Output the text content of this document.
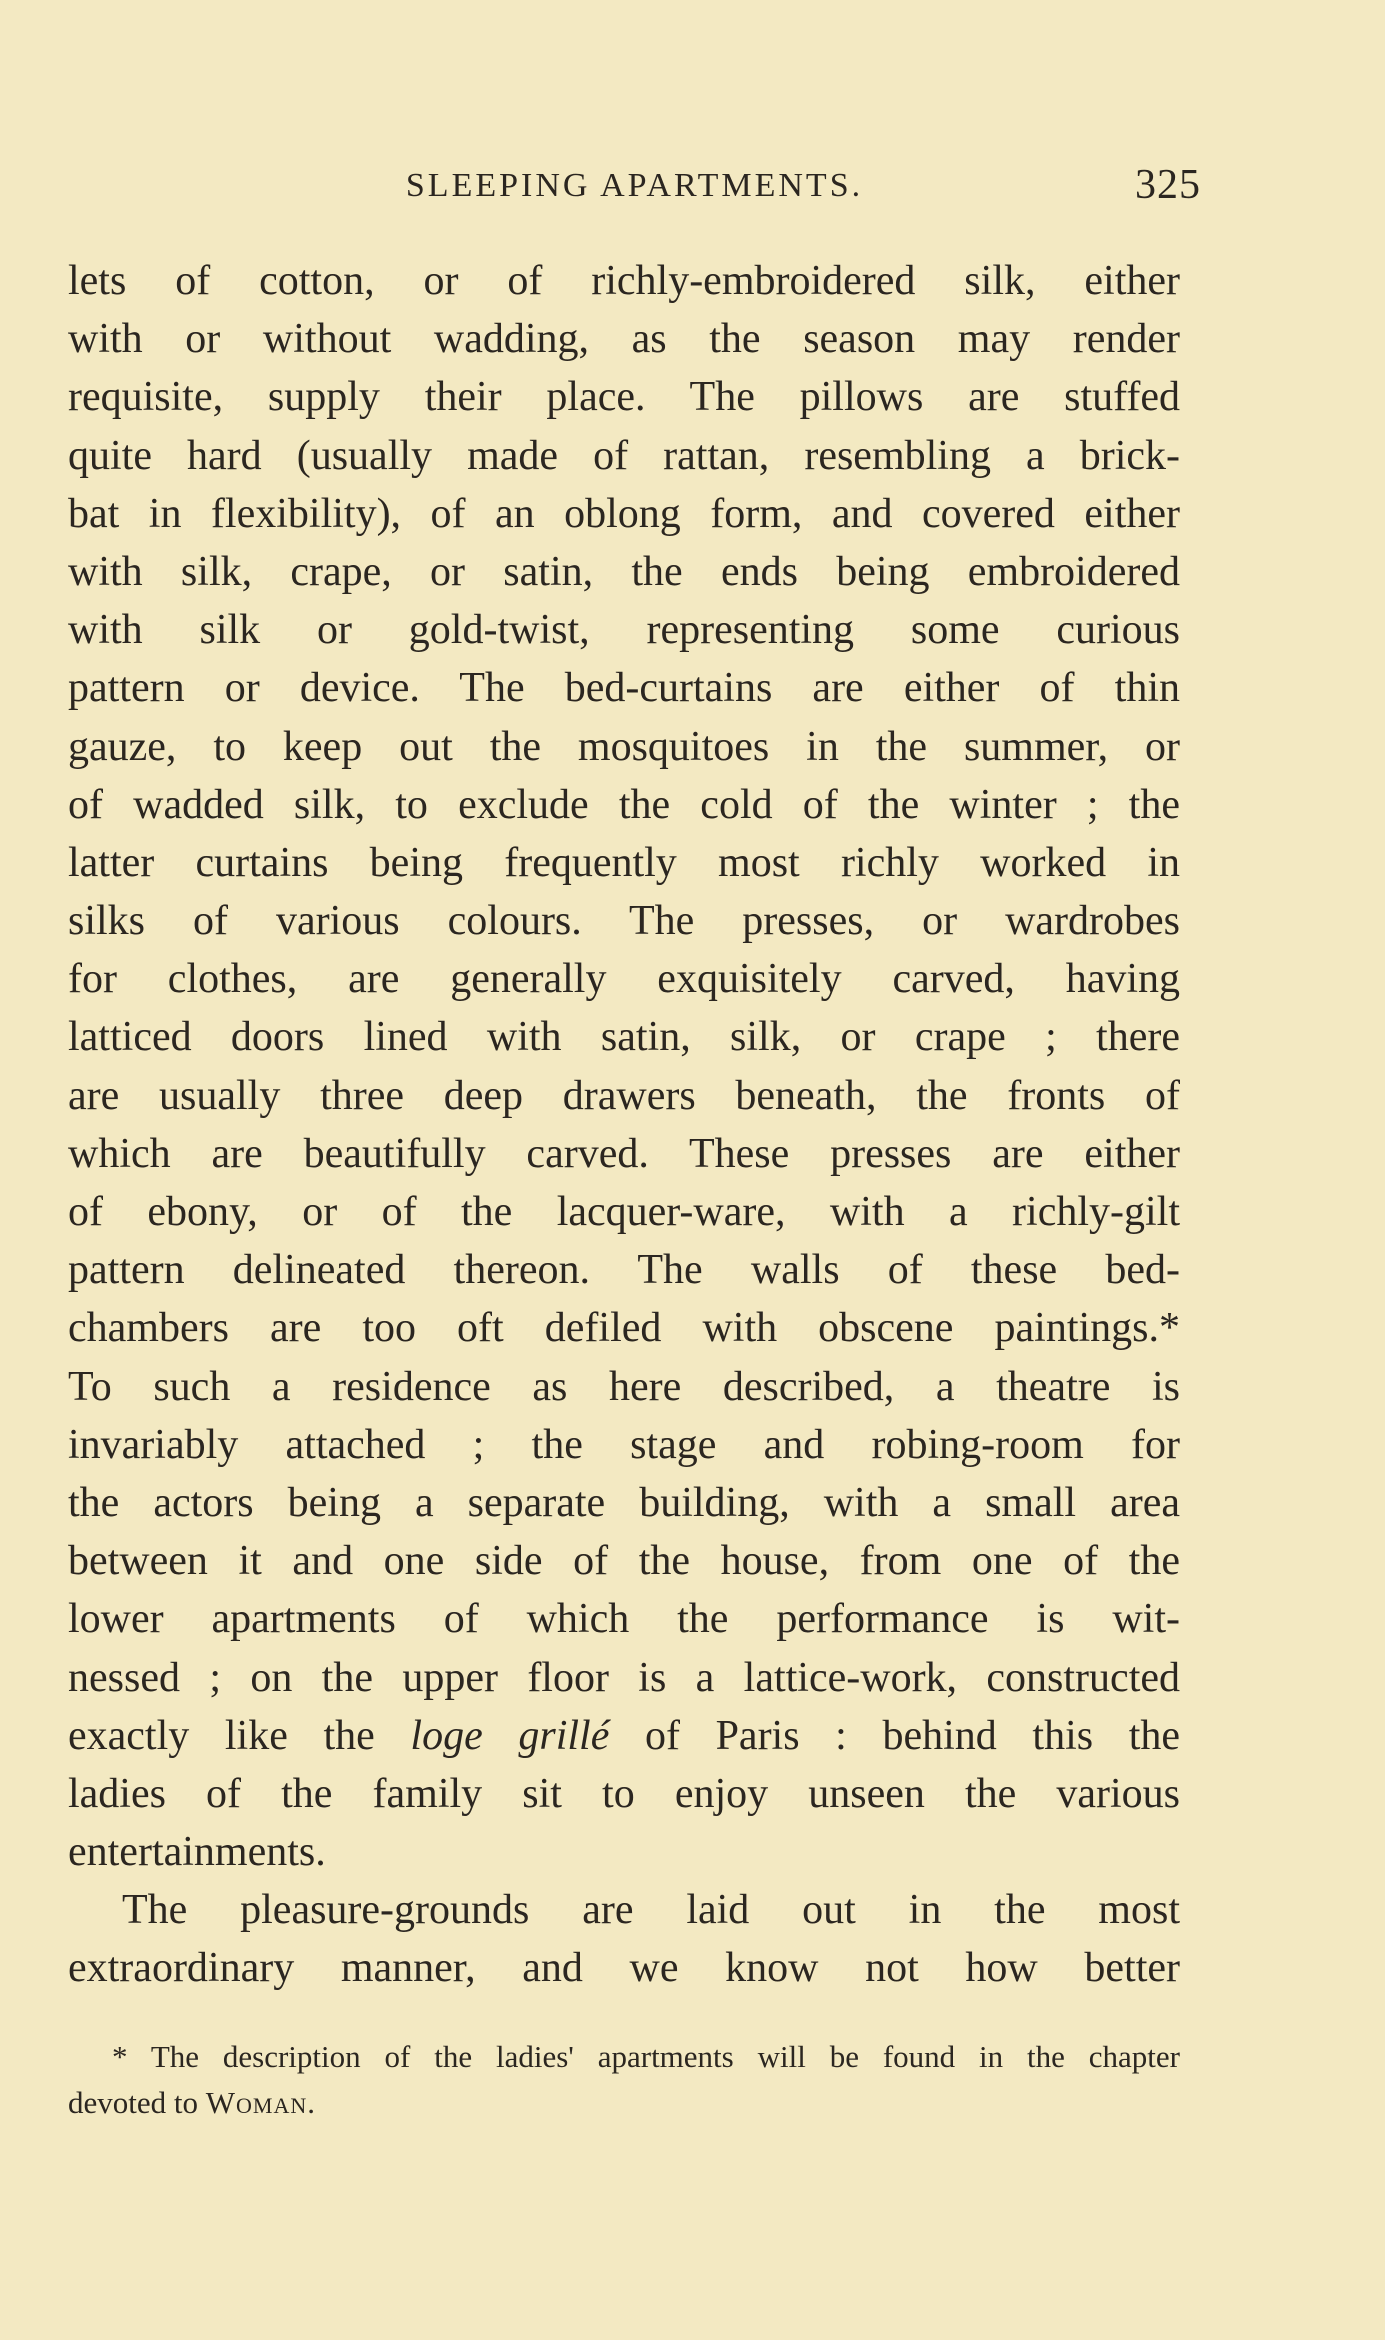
SLEEPING APARTMENTS.	325
lets of cotton, or of richly-embroidered silk, either
with or without wadding, as the season may render
requisite, supply their place. The pillows are stuffed
quite hard (usually made of rattan, resembling a brick-
bat in flexibility), of an oblong form, and covered either
with silk, crape, or satin, the ends being embroidered
with silk or gold-twist, representing some curious
pattern or device. The bed-curtains are either of thin
gauze, to keep out the mosquitoes in the summer, or
of wadded silk, to exclude the cold of the winter ; the
latter curtains being frequently most richly worked in
silks of various colours. The presses, or wardrobes
for clothes, are generally exquisitely carved, having
latticed doors lined with satin, silk, or crape ; there
are usually three deep drawers beneath, the fronts of
which are beautifully carved. These presses are either
of ebony, or of the lacquer-ware, with a richly-gilt
pattern delineated thereon. The walls of these bed-
chambers are too oft defiled with obscene paintings.*
To such a residence as here described, a theatre is
invariably attached ; the stage and robing-room for
the actors being a separate building, with a small area
between it and one side of the house, from one of the
lower apartments of which the performance is wit-
nessed ; on the upper floor is a lattice-work, constructed
exactly like the loge grillé of Paris : behind this the
ladies of the family sit to enjoy unseen the various
entertainments.
The pleasure-grounds are laid out in the most
extraordinary manner, and we know not how better
* The description of the ladies' apartments will be found in the chapter
devoted to Woman.
